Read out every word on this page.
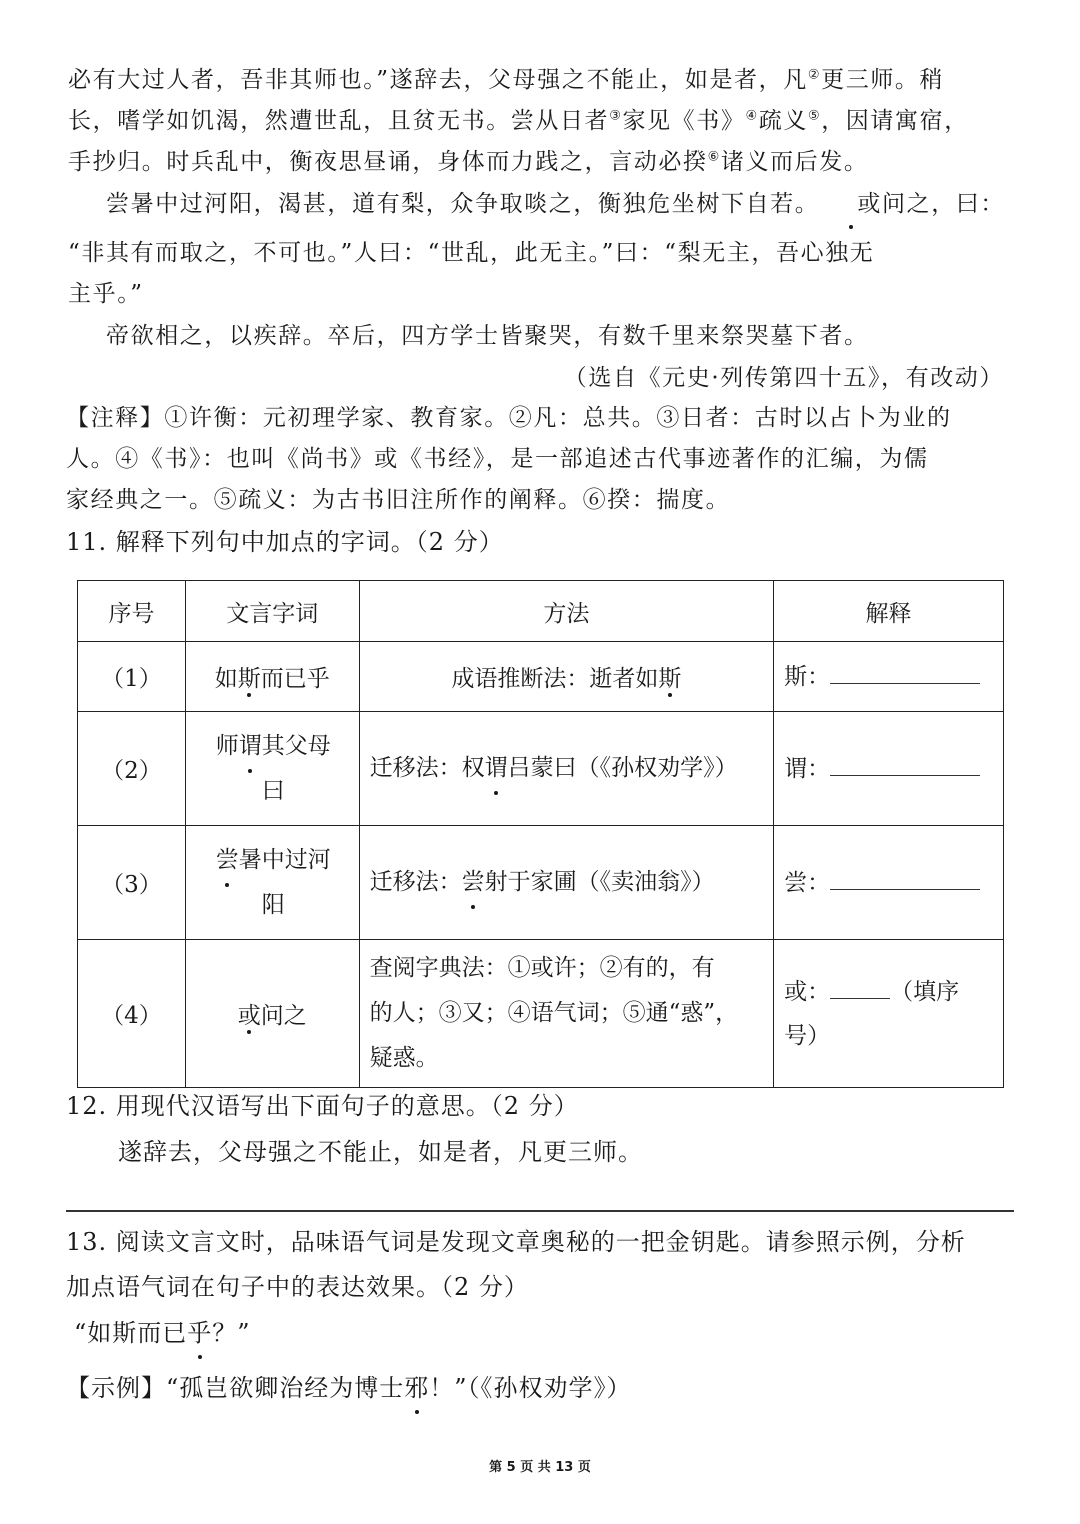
必有大过人者，吾非其师也。”遂辞去，父母强之不能止，如是者，凡②更三师。稍
长，嗜学如饥渴，然遭世乱，且贫无书。尝从日者③家见《书》④疏义⑤，因请寓宿，
手抄归。时兵乱中，衡夜思昼诵，身体而力践之，言动必揆⑥诸义而后发。
尝暑中过河阳，渴甚，道有梨，众争取啖之，衡独危坐树下自若。 或问之，曰：
“非其有而取之，不可也。”人曰：“世乱，此无主。”曰：“梨无主，吾心独无
主乎。”
帝欲相之，以疾辞。卒后，四方学士皆聚哭，有数千里来祭哭墓下者。
（选自《元史·列传第四十五》，有改动）
【注释】①许衡：元初理学家、教育家。②凡：总共。③日者：古时以占卜为业的
人。④《书》：也叫《尚书》或《书经》，是一部追述古代事迹著作的汇编，为儒
家经典之一。⑤疏义：为古书旧注所作的阐释。⑥揆：揣度。
11. 解释下列句中加点的字词。（2 分）
序号	文言字词	方法	解释
（1）	如斯而已乎	成语推断法：逝者如斯	斯：
（2）	师谓其父母
曰	迁移法：权谓吕蒙曰（《孙权劝学》）	谓：
（3）	尝暑中过河
阳	迁移法：尝射于家圃（《卖油翁》）	尝：
（4）	或问之	查阅字典法：①或许；②有的，有
的人；③又；④语气词；⑤通“惑”，
疑惑。	或： （填序
号）
12. 用现代汉语写出下面句子的意思。（2 分）
遂辞去，父母强之不能止，如是者，凡更三师。
13. 阅读文言文时，品味语气词是发现文章奥秘的一把金钥匙。请参照示例，分析
加点语气词在句子中的表达效果。（2 分）
“如斯而已乎？”
【示例】“孤岂欲卿治经为博士邪！”（《孙权劝学》）
第 5 页 共 13 页
